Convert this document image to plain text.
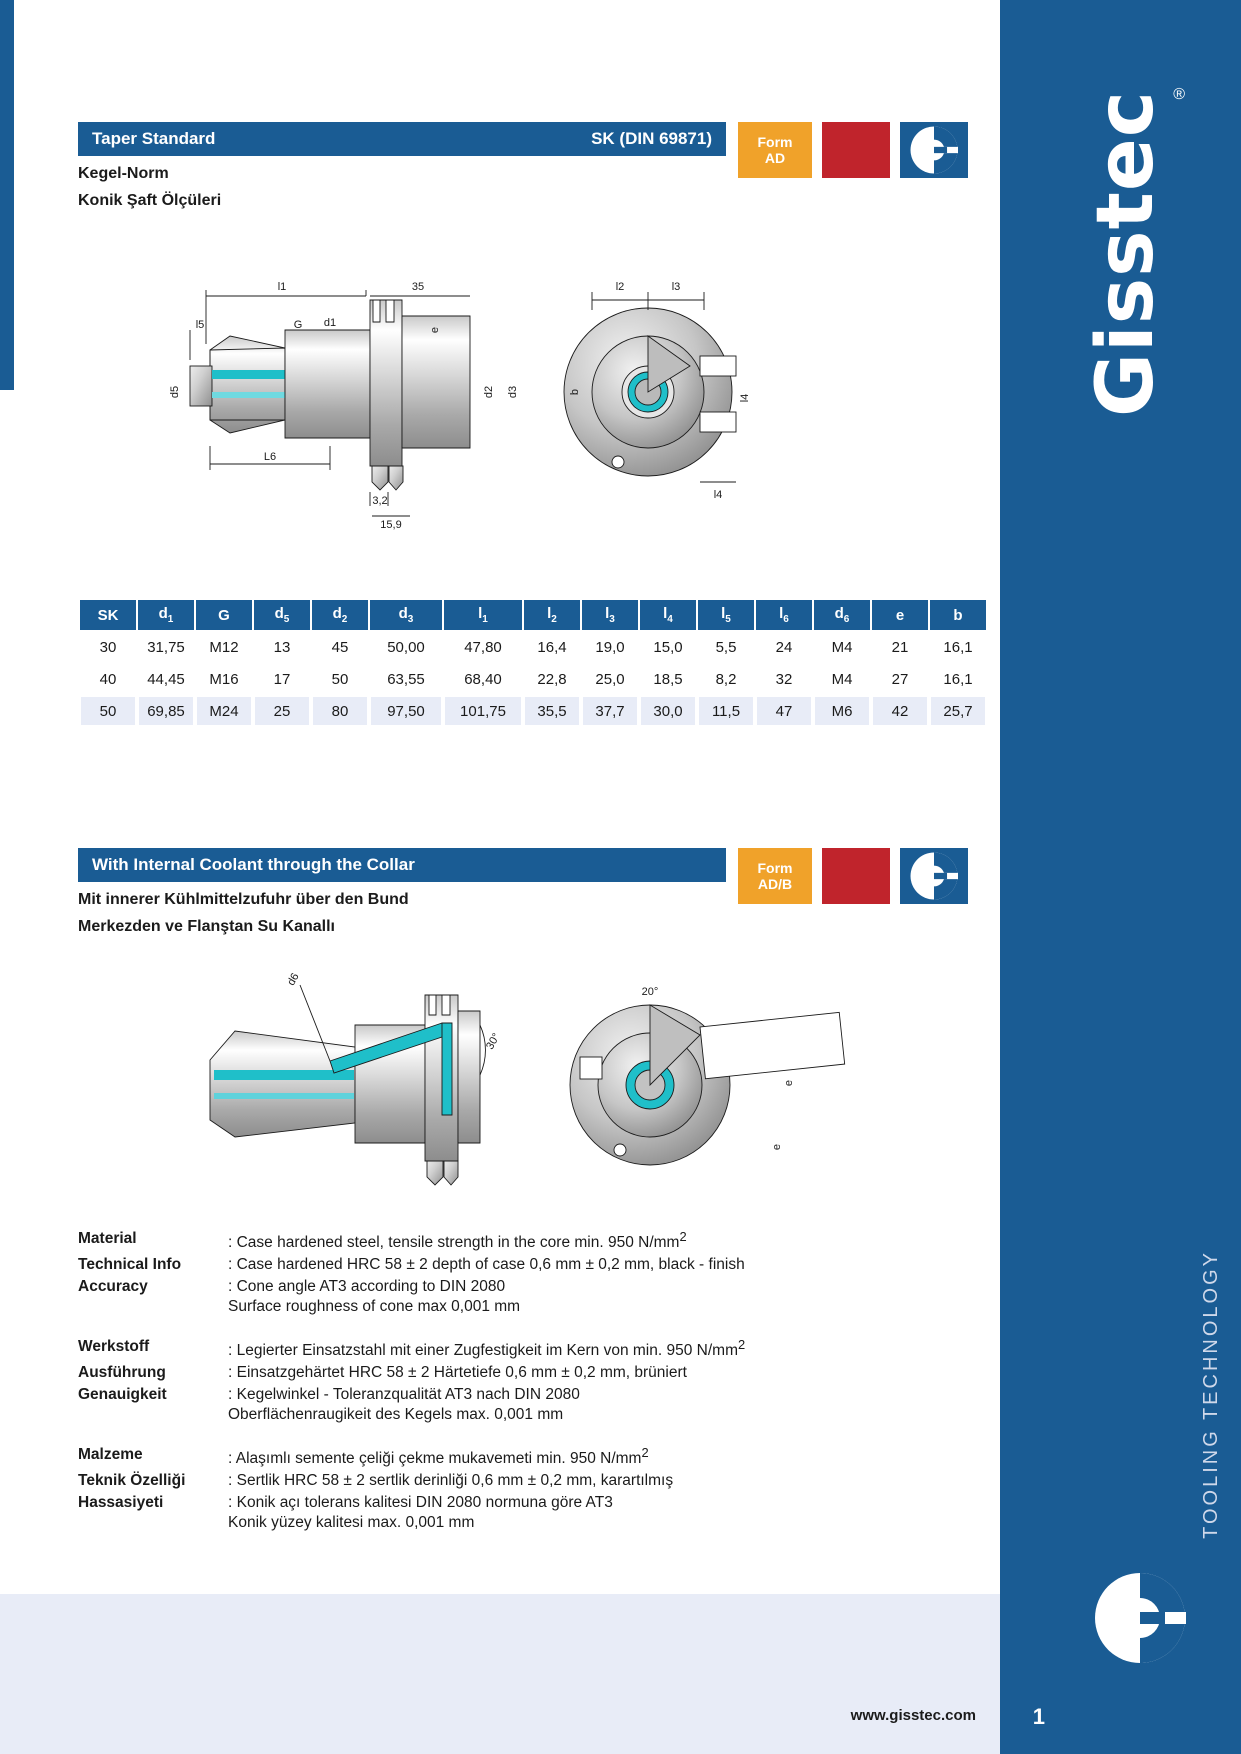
Gisstec ®
TOOLING TECHNOLOGY
Taper Standard	SK (DIN 69871)
Kegel-Norm
Konik Şaft Ölçüleri
Form
AD
l1	35
l5	G d1
d5	d2 d3
e
L6
3,2
15,9
l2	l3
b
l4
l4
SK	$d_1$	G	$d_5$	$d_2$	$d_3$	$l_1$	$l_2$	$l_3$	$l_4$	$l_5$	$l_6$	$d_6$	e	b
30	31,75	M12	13	45	50,00	47,80	16,4	19,0	15,0	5,5	24	M4	21	16,1
40	44,45	M16	17	50	63,55	68,40	22,8	25,0	18,5	8,2	32	M4	27	16,1
50	69,85	M24	25	80	97,50	101,75	35,5	37,7	30,0	11,5	47	M6	42	25,7
With Internal Coolant through the Collar
Mit innerer Kühlmittelzufuhr über den Bund
Merkezden ve Flanştan Su Kanallı
Form
AD/B
d6
30°
20°
e
e
Material	: Case hardened steel, tensile strength in the core min. 950 $N/mm^2$
Technical Info	: Case hardened HRC 58 ± 2 depth of case 0,6 mm ± 0,2 mm, black - finish
Accuracy	: Cone angle AT3 according to DIN 2080
Surface roughness of cone max 0,001 mm
Werkstoff	: Legierter Einsatzstahl mit einer Zugfestigkeit im Kern von min. 950 $N/mm^2$
Ausführung	: Einsatzgehärtet HRC 58 ± 2 Härtetiefe 0,6 mm ± 0,2 mm, brüniert
Genauigkeit	: Kegelwinkel - Toleranzqualität AT3 nach DIN 2080
Oberflächenraugikeit des Kegels max. 0,001 mm
Malzeme	: Alaşımlı semente çeliği çekme mukavemeti min. 950 $N/mm^2$
Teknik Özelliği	: Sertlik HRC 58 ± 2 sertlik derinliği 0,6 mm ± 0,2 mm, karartılmış
Hassasiyeti	: Konik açı tolerans kalitesi DIN 2080 normuna göre AT3
Konik yüzey kalitesi max. 0,001 mm
www.gisstec.com	1
